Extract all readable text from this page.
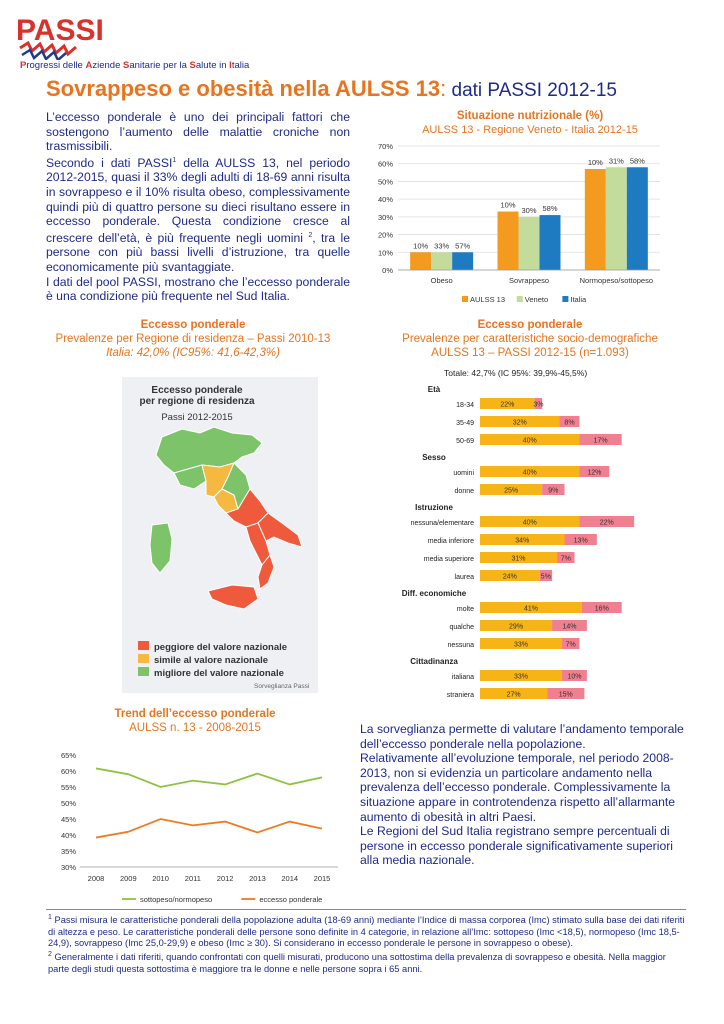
PASSI
Progressi delle Aziende Sanitarie per la Salute in Italia
Sovrappeso e obesità nella AULSS 13: dati PASSI 2012-15
L’eccesso ponderale è uno dei principali fattori che sostengono l’aumento delle malattie croniche non trasmissibili.
Secondo i dati PASSI$^1$ della AULSS 13, nel periodo 2012-2015, quasi il 33% degli adulti di 18-69 anni risulta in sovrappeso e il 10% risulta obeso, complessivamente quindi più di quattro persone su dieci risultano essere in eccesso ponderale. Questa condizione cresce al crescere dell’età, è più frequente negli uomini $^2$, tra le persone con più bassi livelli d’istruzione, tra quelle economicamente più svantaggiate.
I dati del pool PASSI, mostrano che l’eccesso ponderale è una condizione più frequente nel Sud Italia.
Situazione nutrizionale (%)
AULSS 13 - Regione Veneto - Italia 2012-15
0%
10%
20%
30%
40%
50%
60%
70%
10% 33% 57%
Obeso
10%
30% 58%
Sovrappeso
10% 31% 58%
Normopeso/sottopeso
AULSS 13	Veneto	Italia
Eccesso ponderale
Prevalenze per Regione di residenza – Passi 2010-13
Italia: 42,0% (IC95%: 41,6-42,3%)
Eccesso ponderale
per regione di residenza
Passi 2012-2015
peggiore del valore nazionale
simile al valore nazionale
migliore del valore nazionale
Sorveglianza Passi
Eccesso ponderale
Prevalenze per caratteristiche socio-demografiche
AULSS 13 – PASSI 2012-15 (n=1.093)
Totale: 42,7% (IC 95%: 39,9%-45,5%)
Età
18-34	22%	3%
35-49	32%	8%
50-69	40%	17%
Sesso
uomini	40%	12%
donne	25%	9%
Istruzione
nessuna/elementare	40%	22%
media inferiore	34%	13%
media superiore	31%	7%
laurea	24%	5%
Diff. economiche
molte	41%	16%
qualche	29%	14%
nessuna	33%	7%
Cittadinanza
italiana	33%	10%
straniera	27%	15%
Trend dell’eccesso ponderale
AULSS n. 13 - 2008-2015
30%
35%
40%
45%
50%
55%
60%
65%
2008 2009 2010 2011 2012 2013 2014 2015
sottopeso/normopeso	eccesso ponderale
La sorveglianza permette di valutare l’andamento temporale dell’eccesso ponderale nella popolazione.
Relativamente all’evoluzione temporale, nel periodo 2008-2013, non si evidenzia un particolare andamento nella prevalenza dell’eccesso ponderale. Complessivamente la situazione appare in controtendenza rispetto all’allarmante aumento di obesità in altri Paesi.
Le Regioni del Sud Italia registrano sempre percentuali di persone in eccesso ponderale significativamente superiori alla media nazionale.
$^1$ Passi misura le caratteristiche ponderali della popolazione adulta (18-69 anni) mediante l’Indice di massa corporea (Imc) stimato sulla base dei dati riferiti di altezza e peso. Le caratteristiche ponderali delle persone sono definite in 4 categorie, in relazione all’Imc: sottopeso (Imc <18,5), normopeso (Imc 18,5-24,9), sovrappeso (Imc 25,0-29,9) e obeso (Imc ≥ 30). Si considerano in eccesso ponderale le persone in sovrappeso o obese).
$^2$ Generalmente i dati riferiti, quando confrontati con quelli misurati, producono una sottostima della prevalenza di sovrappeso e obesità. Nella maggior parte degli studi questa sottostima è maggiore tra le donne e nelle persone sopra i 65 anni.
